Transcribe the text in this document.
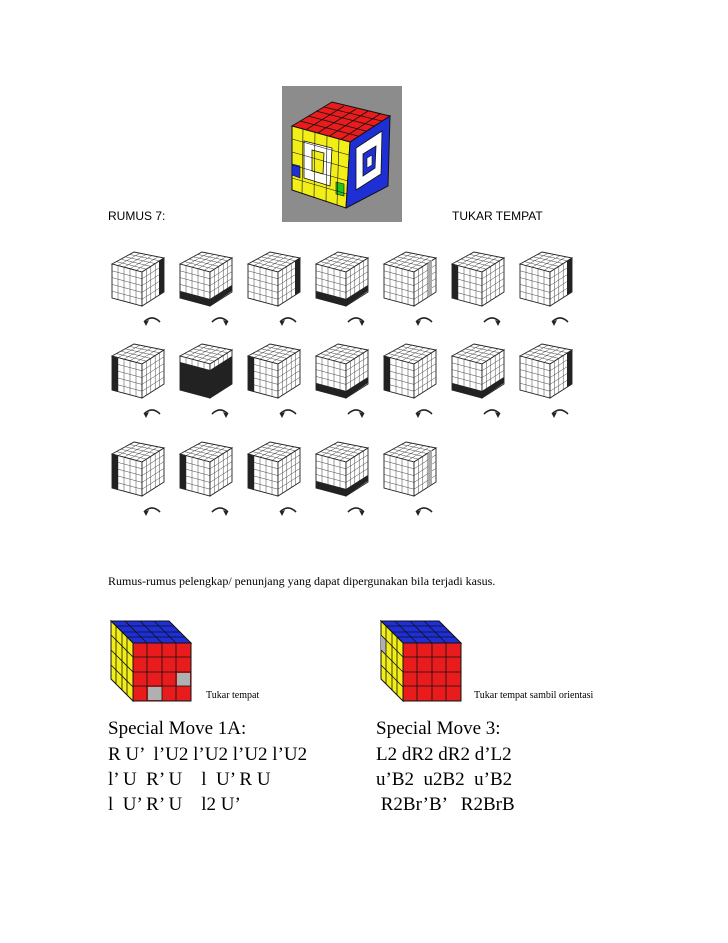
RUMUS 7:	TUKAR TEMPAT
Rumus-rumus pelengkap/ penunjang yang dapat dipergunakan bila terjadi kasus.
Tukar tempat	Tukar tempat sambil orientasi
Special Move 1A:
R U’  l’U2 l’U2 l’U2 l’U2
l’ U  R’ U    l  U’ R U
l  U’ R’ U    l2 U’
Special Move 3:
L2 dR2 dR2 d’L2
u’B2  u2B2  u’B2
R2Br’B’   R2BrB
